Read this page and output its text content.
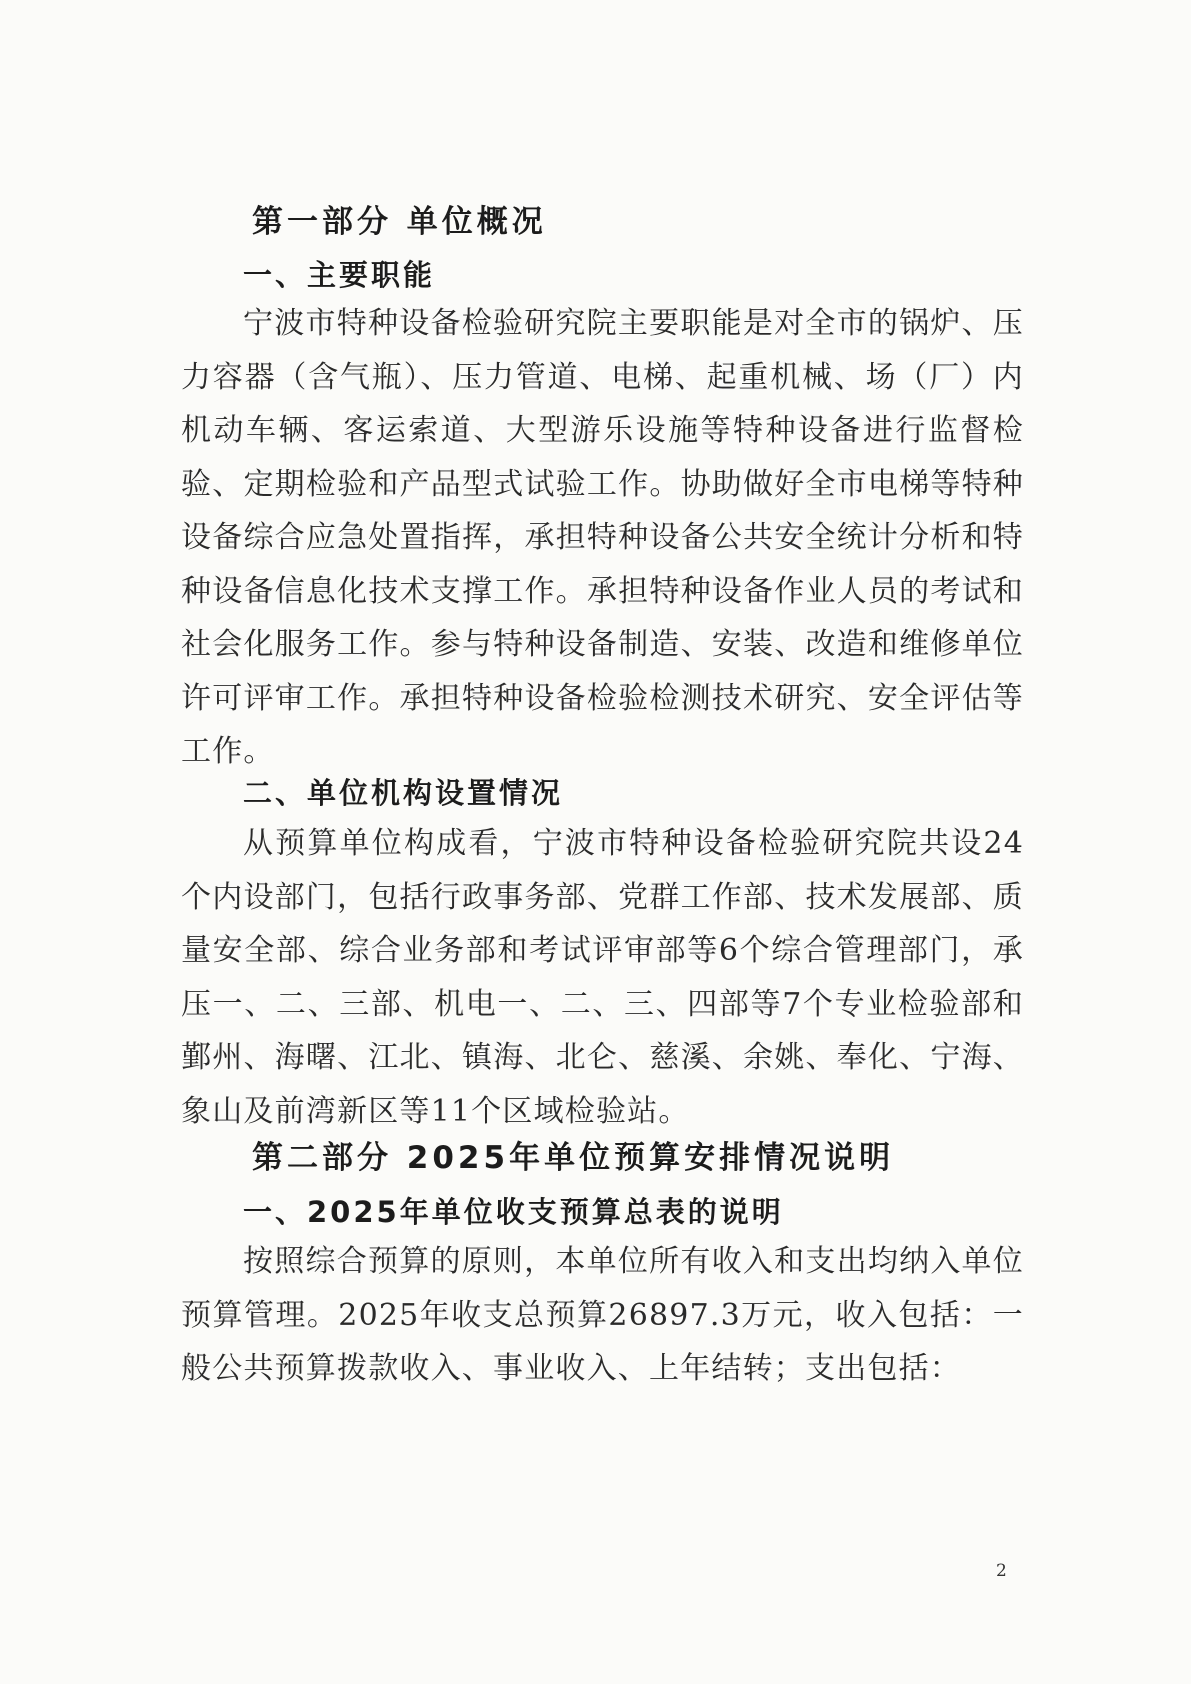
第一部分 单位概况
一、主要职能

宁波市特种设备检验研究院主要职能是对全市的锅炉、压力容器（含气瓶）、压力管道、电梯、起重机械、场（厂）内机动车辆、客运索道、大型游乐设施等特种设备进行监督检验、定期检验和产品型式试验工作。协助做好全市电梯等特种设备综合应急处置指挥，承担特种设备公共安全统计分析和特种设备信息化技术支撑工作。承担特种设备作业人员的考试和社会化服务工作。参与特种设备制造、安装、改造和维修单位许可评审工作。承担特种设备检验检测技术研究、安全评估等工作。

二、单位机构设置情况

从预算单位构成看，宁波市特种设备检验研究院共设24个内设部门，包括行政事务部、党群工作部、技术发展部、质量安全部、综合业务部和考试评审部等6个综合管理部门，承压一、二、三部、机电一、二、三、四部等7个专业检验部和鄞州、海曙、江北、镇海、北仑、慈溪、余姚、奉化、宁海、象山及前湾新区等11个区域检验站。

第二部分 2025年单位预算安排情况说明
一、2025年单位收支预算总表的说明

按照综合预算的原则，本单位所有收入和支出均纳入单位预算管理。2025年收支总预算26897.3万元，收入包括：一般公共预算拨款收入、事业收入、上年结转；支出包括：

2
